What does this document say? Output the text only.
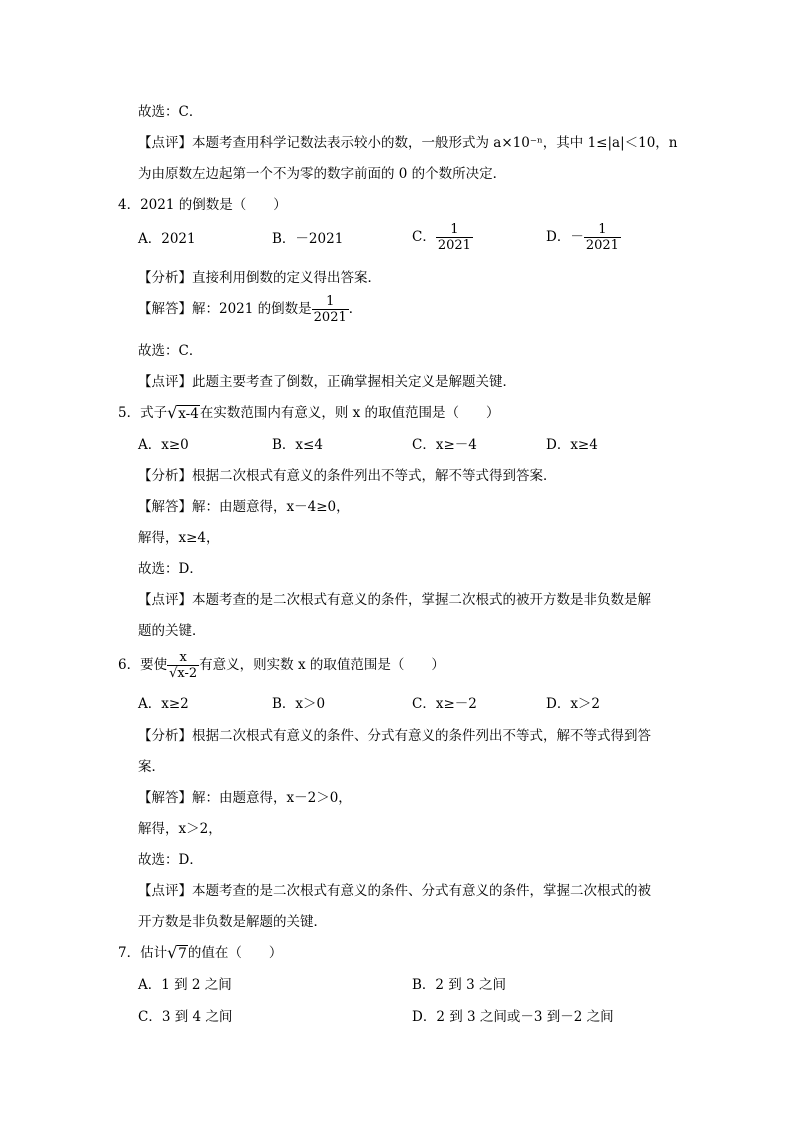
故选：C．
【点评】本题考查用科学记数法表示较小的数，一般形式为 a×10⁻ⁿ，其中 1≤|a|＜10，n
为由原数左边起第一个不为零的数字前面的 0 的个数所决定．
4．2021 的倒数是（　　）
A．2021	B．－2021	C． $\frac{1}{2021}$	D．－ $\frac{1}{2021}$
【分析】直接利用倒数的定义得出答案．
【解答】解：2021 的倒数是 $\frac{1}{2021}$ ．
故选：C．
【点评】此题主要考查了倒数，正确掌握相关定义是解题关键．
5．式子√x-4在实数范围内有意义，则 x 的取值范围是（　　）
A．x≥0	B．x≤4	C．x≥－4	D．x≥4
【分析】根据二次根式有意义的条件列出不等式，解不等式得到答案．
【解答】解：由题意得，x－4≥0，
解得，x≥4，
故选：D．
【点评】本题考查的是二次根式有意义的条件，掌握二次根式的被开方数是非负数是解
题的关键．
6．要使 $\frac{x}{√x-2}$ 有意义，则实数 x 的取值范围是（　　）
A．x≥2	B．x＞0	C．x≥－2	D．x＞2
【分析】根据二次根式有意义的条件、分式有意义的条件列出不等式，解不等式得到答
案．
【解答】解：由题意得，x－2＞0，
解得，x＞2，
故选：D．
【点评】本题考查的是二次根式有意义的条件、分式有意义的条件，掌握二次根式的被
开方数是非负数是解题的关键．
7．估计√7的值在（　　）
A．1 到 2 之间	B．2 到 3 之间
C．3 到 4 之间	D．2 到 3 之间或－3 到－2 之间
